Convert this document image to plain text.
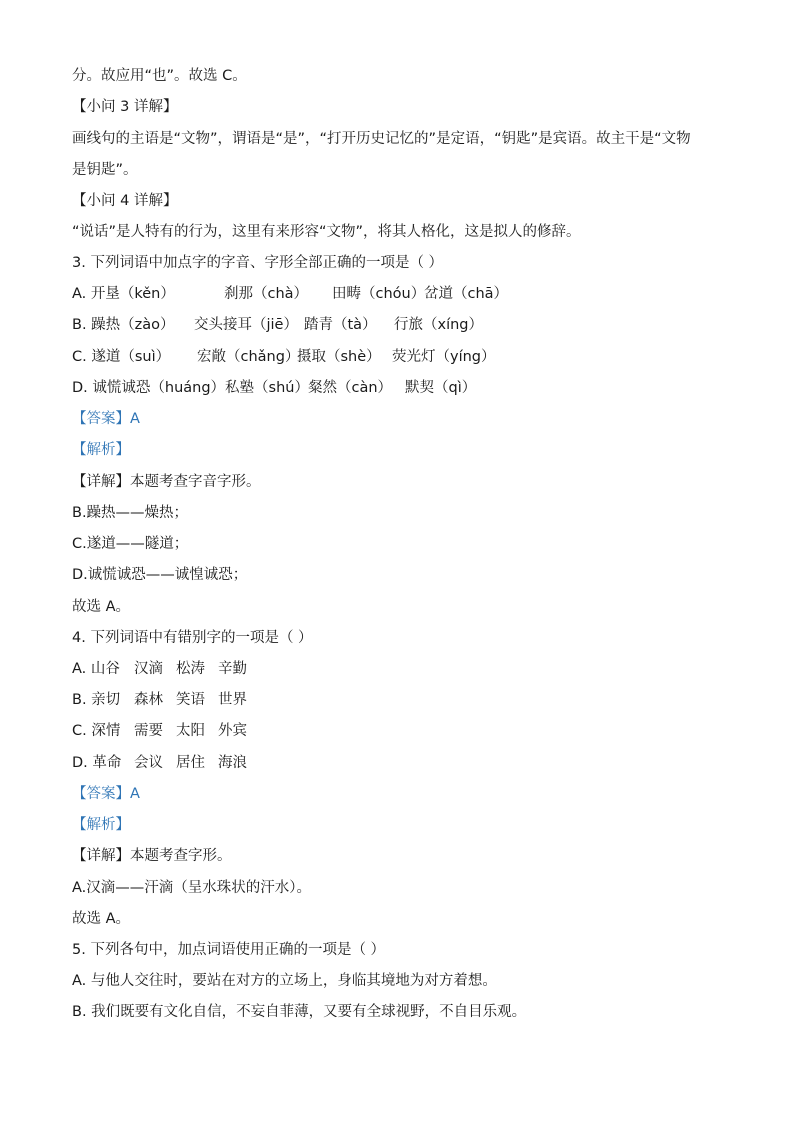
分。故应用“也”。故选 C。
【小问 3 详解】
画线句的主语是“文物”，谓语是“是”，“打开历史记忆的”是定语，“钥匙”是宾语。故主干是“文物
是钥匙”。
【小问 4 详解】
“说话”是人特有的行为，这里有来形容“文物”，将其人格化，这是拟人的修辞。
3. 下列词语中加点字的字音、字形全部正确的一项是（ ）
A. 开垦（kěn）	刹那（chà） 田畴（chóu）岔道（chā）
B. 躁热（zào） 交头接耳（jiē） 踏青（tà） 行旅（xíng）
C. 遂道（suì） 宏敞（chǎng）摄取（shè） 荧光灯（yíng）
D. 诚慌诚恐（huáng）私塾（shú）粲然（càn） 默契（qì）
【答案】A
【解析】
【详解】本题考查字音字形。
B.躁热——燥热；
C.遂道——隧道；
D.诚慌诚恐——诚惶诚恐；
故选 A。
4. 下列词语中有错别字的一项是（ ）
A. 山谷 汉滴 松涛 辛勤
B. 亲切 森林 笑语 世界
C. 深情 需要 太阳 外宾
D. 革命 会议 居住 海浪
【答案】A
【解析】
【详解】本题考查字形。
A.汉滴——汗滴（呈水珠状的汗水）。
故选 A。
5. 下列各句中，加点词语使用正确的一项是（ ）
A. 与他人交往时，要站在对方的立场上，身临其境地为对方着想。
B. 我们既要有文化自信，不妄自菲薄，又要有全球视野，不自目乐观。
